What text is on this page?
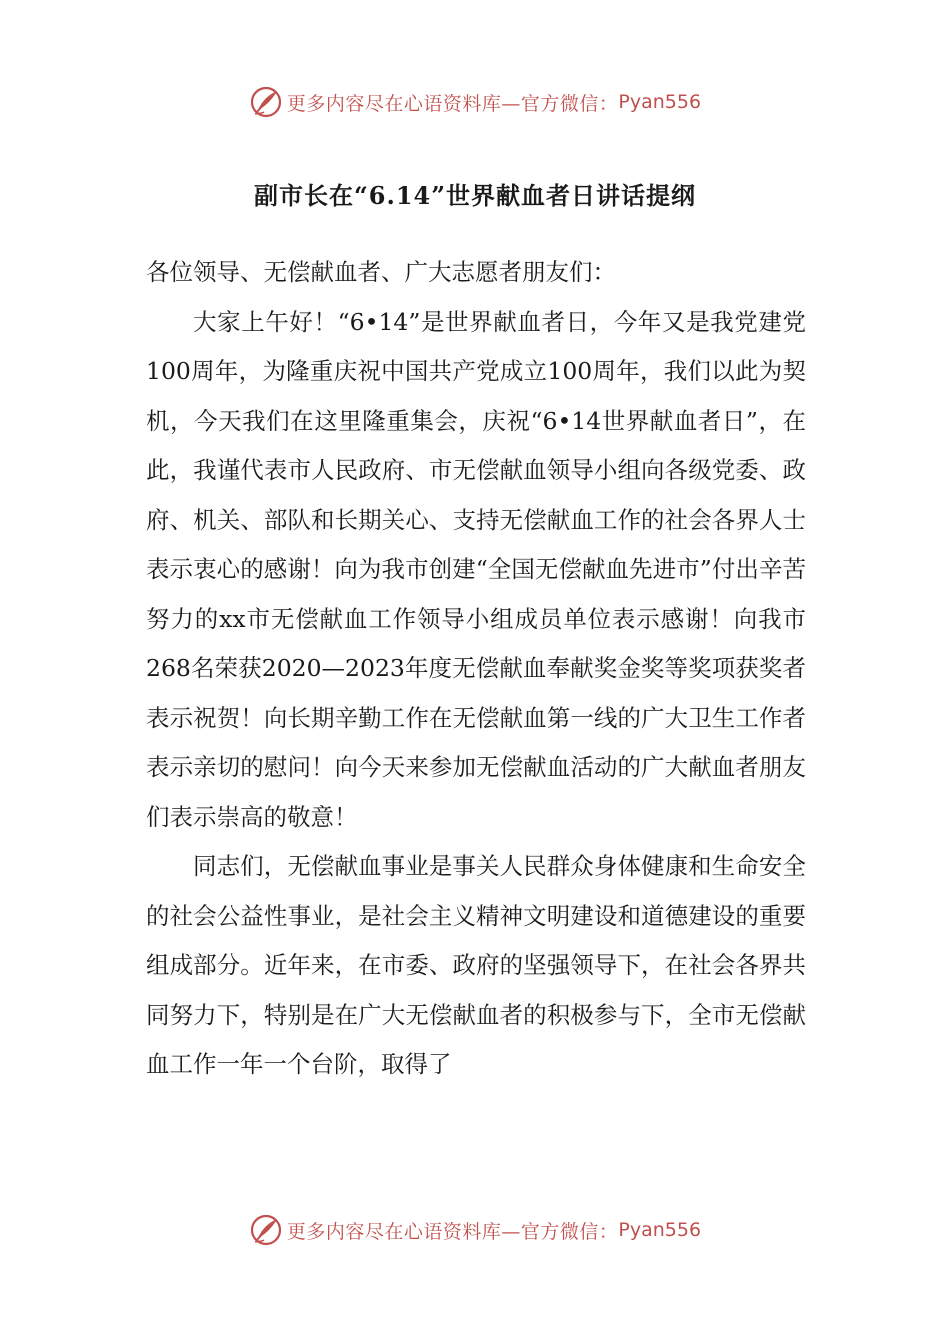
更多内容尽在心语资料库—官方微信： Pyan556
副市长在“6.14”世界献血者日讲话提纲

各位领导、无偿献血者、广大志愿者朋友们：

大家上午好！“6•14”是世界献血者日，今年又是我党建党100周年，为隆重庆祝中国共产党成立100周年，我们以此为契机，今天我们在这里隆重集会，庆祝“6•14世界献血者日”，在此，我谨代表市人民政府、市无偿献血领导小组向各级党委、政府、机关、部队和长期关心、支持无偿献血工作的社会各界人士表示衷心的感谢！向为我市创建“全国无偿献血先进市”付出辛苦努力的xx市无偿献血工作领导小组成员单位表示感谢！向我市268名荣获2020—2023年度无偿献血奉献奖金奖等奖项获奖者表示祝贺！向长期辛勤工作在无偿献血第一线的广大卫生工作者表示亲切的慰问！向今天来参加无偿献血活动的广大献血者朋友们表示崇高的敬意！

同志们，无偿献血事业是事关人民群众身体健康和生命安全的社会公益性事业，是社会主义精神文明建设和道德建设的重要组成部分。近年来，在市委、政府的坚强领导下，在社会各界共同努力下，特别是在广大无偿献血者的积极参与下，全市无偿献血工作一年一个台阶，取得了

更多内容尽在心语资料库—官方微信： Pyan556
